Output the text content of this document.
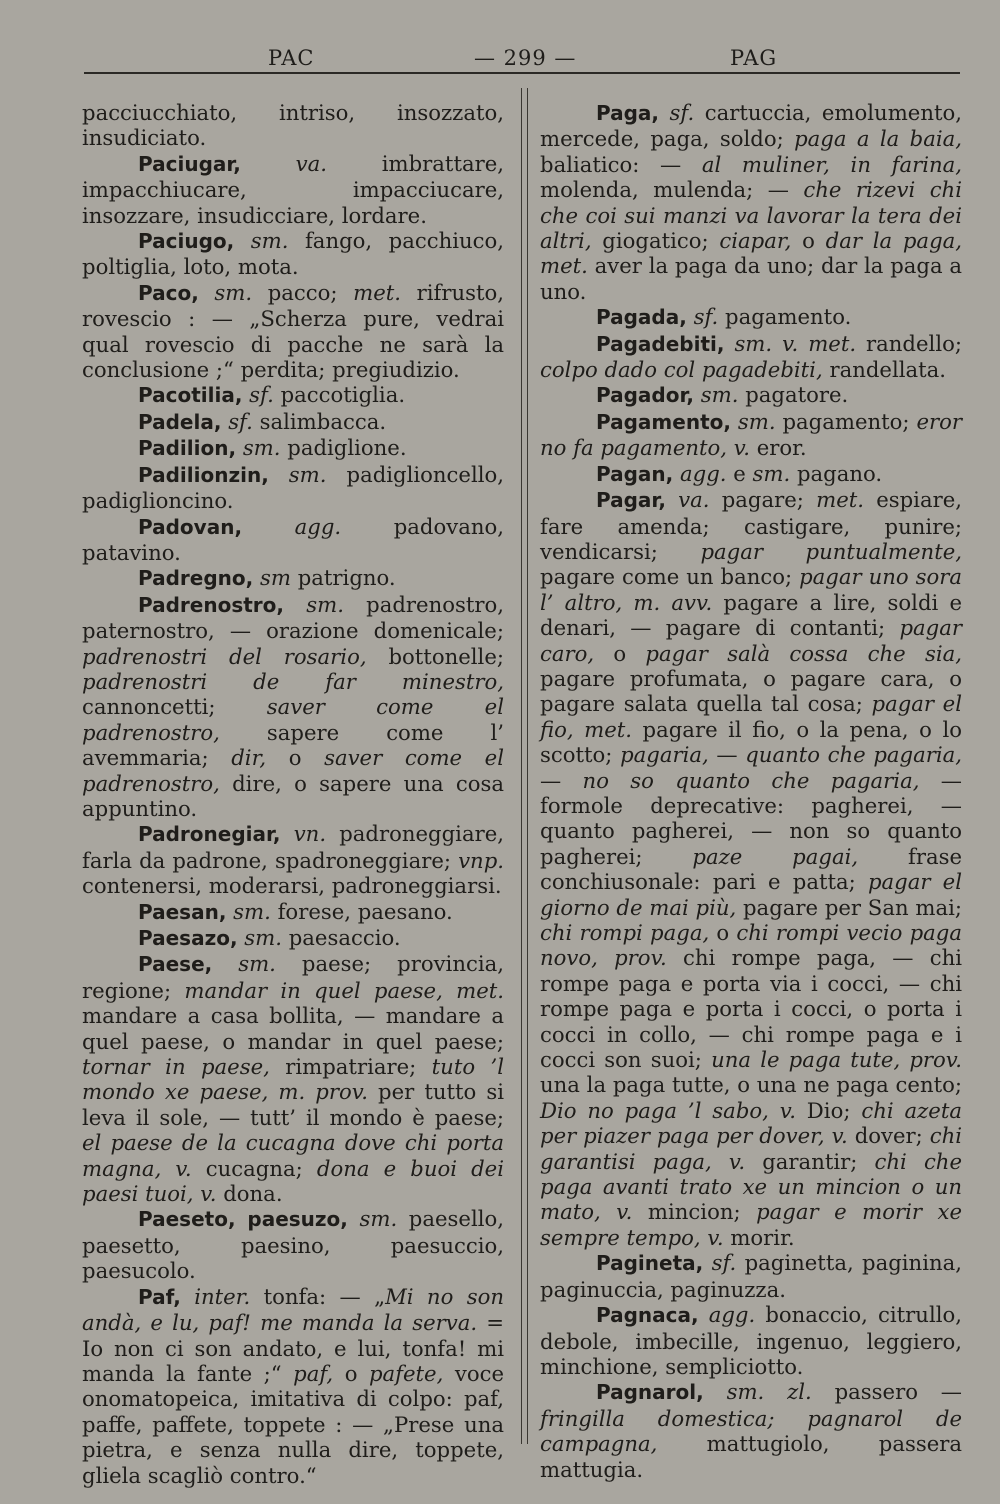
PAC	— 299 —	PAG

pacciucchiato, intriso, insozzato, insudiciato.

Paciugar, va. imbrattare, impacchiucare, impacciucare, insozzare, insudicciare, lordare.

Paciugo, sm. fango, pacchiuco, poltiglia, loto, mota.

Paco, sm. pacco; met. rifrusto, rovescio : — „Scherza pure, vedrai qual rovescio di pacche ne sarà la conclusione ;“ perdita; pregiudizio.

Pacotilia, sf. paccotiglia.

Padela, sf. salimbacca.

Padilion, sm. padiglione.

Padilionzin, sm. padiglioncello, padiglioncino.

Padovan, agg. padovano, patavino.

Padregno, sm patrigno.

Padrenostro, sm. padrenostro, paternostro, — orazione domenicale; padrenostri del rosario, bottonelle; padrenostri de far minestro, cannoncetti; saver come el padrenostro, sapere come l’ avemmaria; dir, o saver come el padrenostro, dire, o sapere una cosa appuntino.

Padronegiar, vn. padroneggiare, farla da padrone, spadroneggiare; vnp. contenersi, moderarsi, padroneggiarsi.

Paesan, sm. forese, paesano.

Paesazo, sm. paesaccio.

Paese, sm. paese; provincia, regione; mandar in quel paese, met. mandare a casa bollita, — mandare a quel paese, o mandar in quel paese; tornar in paese, rimpatriare; tuto ’l mondo xe paese, m. prov. per tutto si leva il sole, — tutt’ il mondo è paese; el paese de la cucagna dove chi porta magna, v. cucagna; dona e buoi dei paesi tuoi, v. dona.

Paeseto, paesuzo, sm. paesello, paesetto, paesino, paesuccio, paesucolo.

Paf, inter. tonfa: — „Mi no son andà, e lu, paf! me manda la serva. = Io non ci son andato, e lui, tonfa! mi manda la fante ;“ paf, o pafete, voce onomatopeica, imitativa di colpo: paf, paffe, paffete, toppete : — „Prese una pietra, e senza nulla dire, toppete, gliela scagliò contro.“

Paga, sf. cartuccia, emolumento, mercede, paga, soldo; paga a la baia, baliatico: — al muliner, in farina, molenda, mulenda; — che rizevi chi che coi sui manzi va lavorar la tera dei altri, giogatico; ciapar, o dar la paga, met. aver la paga da uno; dar la paga a uno.

Pagada, sf. pagamento.

Pagadebiti, sm. v. met. randello; colpo dado col pagadebiti, randellata.

Pagador, sm. pagatore.

Pagamento, sm. pagamento; eror no fa pagamento, v. eror.

Pagan, agg. e sm. pagano.

Pagar, va. pagare; met. espiare, fare amenda; castigare, punire; vendicarsi; pagar puntualmente, pagare come un banco; pagar uno sora l’ altro, m. avv. pagare a lire, soldi e denari, — pagare di contanti; pagar caro, o pagar salà cossa che sia, pagare profumata, o pagare cara, o pagare salata quella tal cosa; pagar el fio, met. pagare il fio, o la pena, o lo scotto; pagaria, — quanto che pagaria, — no so quanto che pagaria, — formole deprecative: pagherei, — quanto pagherei, — non so quanto pagherei; paze pagai, frase conchiusonale: pari e patta; pagar el giorno de mai più, pagare per San mai; chi rompi paga, o chi rompi vecio paga novo, prov. chi rompe paga, — chi rompe paga e porta via i cocci, — chi rompe paga e porta i cocci, o porta i cocci in collo, — chi rompe paga e i cocci son suoi; una le paga tute, prov. una la paga tutte, o una ne paga cento; Dio no paga ’l sabo, v. Dio; chi azeta per piazer paga per dover, v. dover; chi garantisi paga, v. garantir; chi che paga avanti trato xe un mincion o un mato, v. mincion; pagar e morir xe sempre tempo, v. morir.

Pagineta, sf. paginetta, paginina, paginuccia, paginuzza.

Pagnaca, agg. bonaccio, citrullo, debole, imbecille, ingenuo, leggiero, minchione, sempliciotto.

Pagnarol, sm. zl. passero — fringilla domestica; pagnarol de campagna, mattugiolo, passera mattugia.
